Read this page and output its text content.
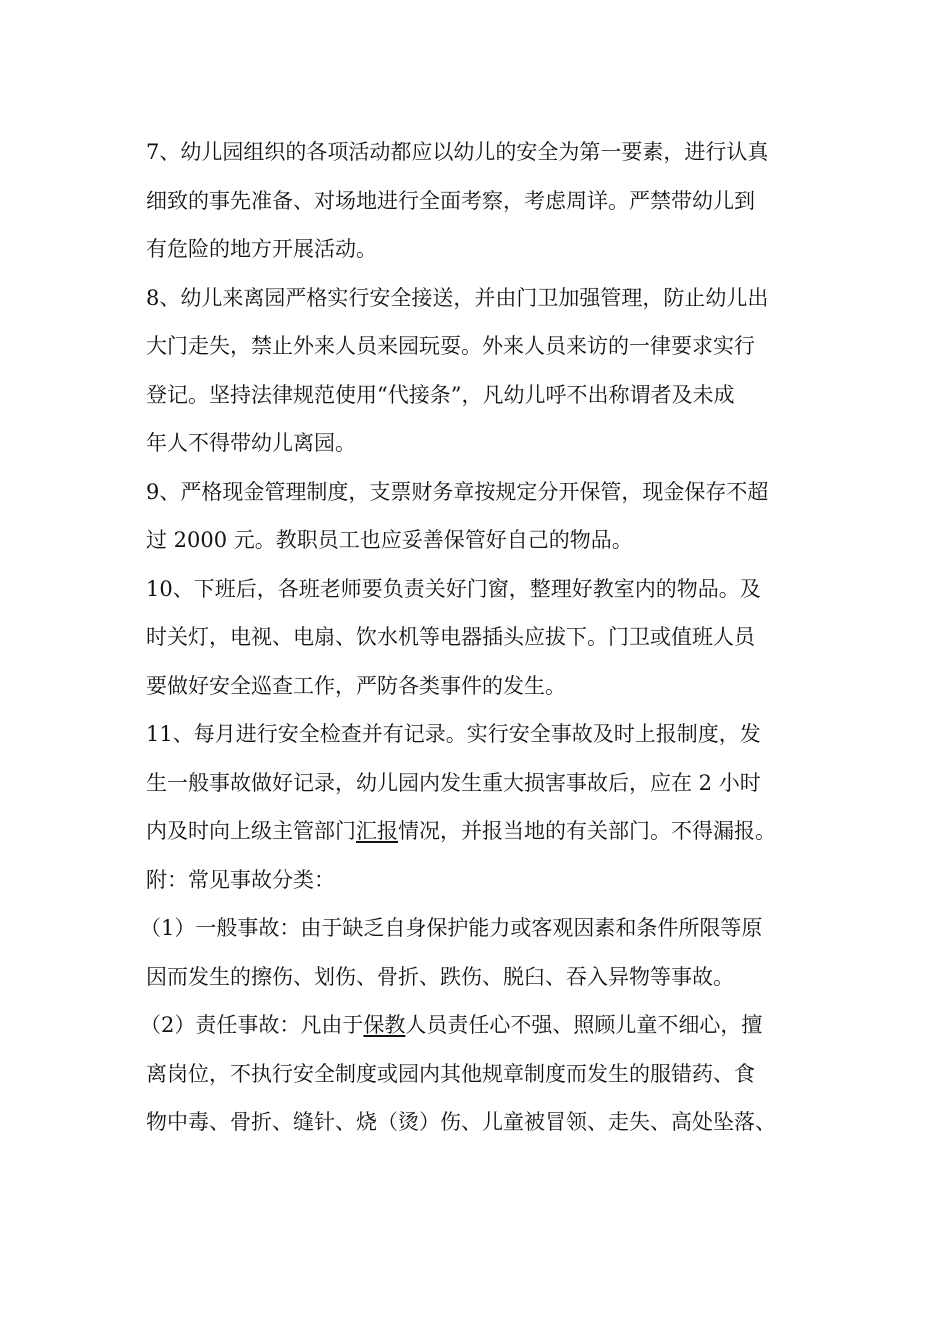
7、幼儿园组织的各项活动都应以幼儿的安全为第一要素，进行认真
细致的事先准备、对场地进行全面考察，考虑周详。严禁带幼儿到
有危险的地方开展活动。
8、幼儿来离园严格实行安全接送，并由门卫加强管理，防止幼儿出
大门走失，禁止外来人员来园玩耍。外来人员来访的一律要求实行
登记。坚持法律规范使用“代接条”，凡幼儿呼不出称谓者及未成
年人不得带幼儿离园。
9、严格现金管理制度，支票财务章按规定分开保管，现金保存不超
过 2000 元。教职员工也应妥善保管好自己的物品。
10、下班后，各班老师要负责关好门窗，整理好教室内的物品。及
时关灯，电视、电扇、饮水机等电器插头应拔下。门卫或值班人员
要做好安全巡查工作，严防各类事件的发生。
11、每月进行安全检查并有记录。实行安全事故及时上报制度，发
生一般事故做好记录，幼儿园内发生重大损害事故后，应在 2 小时
内及时向上级主管部门汇报情况，并报当地的有关部门。不得漏报。
附：常见事故分类：
（1）一般事故：由于缺乏自身保护能力或客观因素和条件所限等原
因而发生的擦伤、划伤、骨折、跌伤、脱臼、吞入异物等事故。
（2）责任事故：凡由于保教人员责任心不强、照顾儿童不细心，擅
离岗位，不执行安全制度或园内其他规章制度而发生的服错药、食
物中毒、骨折、缝针、烧（烫）伤、儿童被冒领、走失、高处坠落、
